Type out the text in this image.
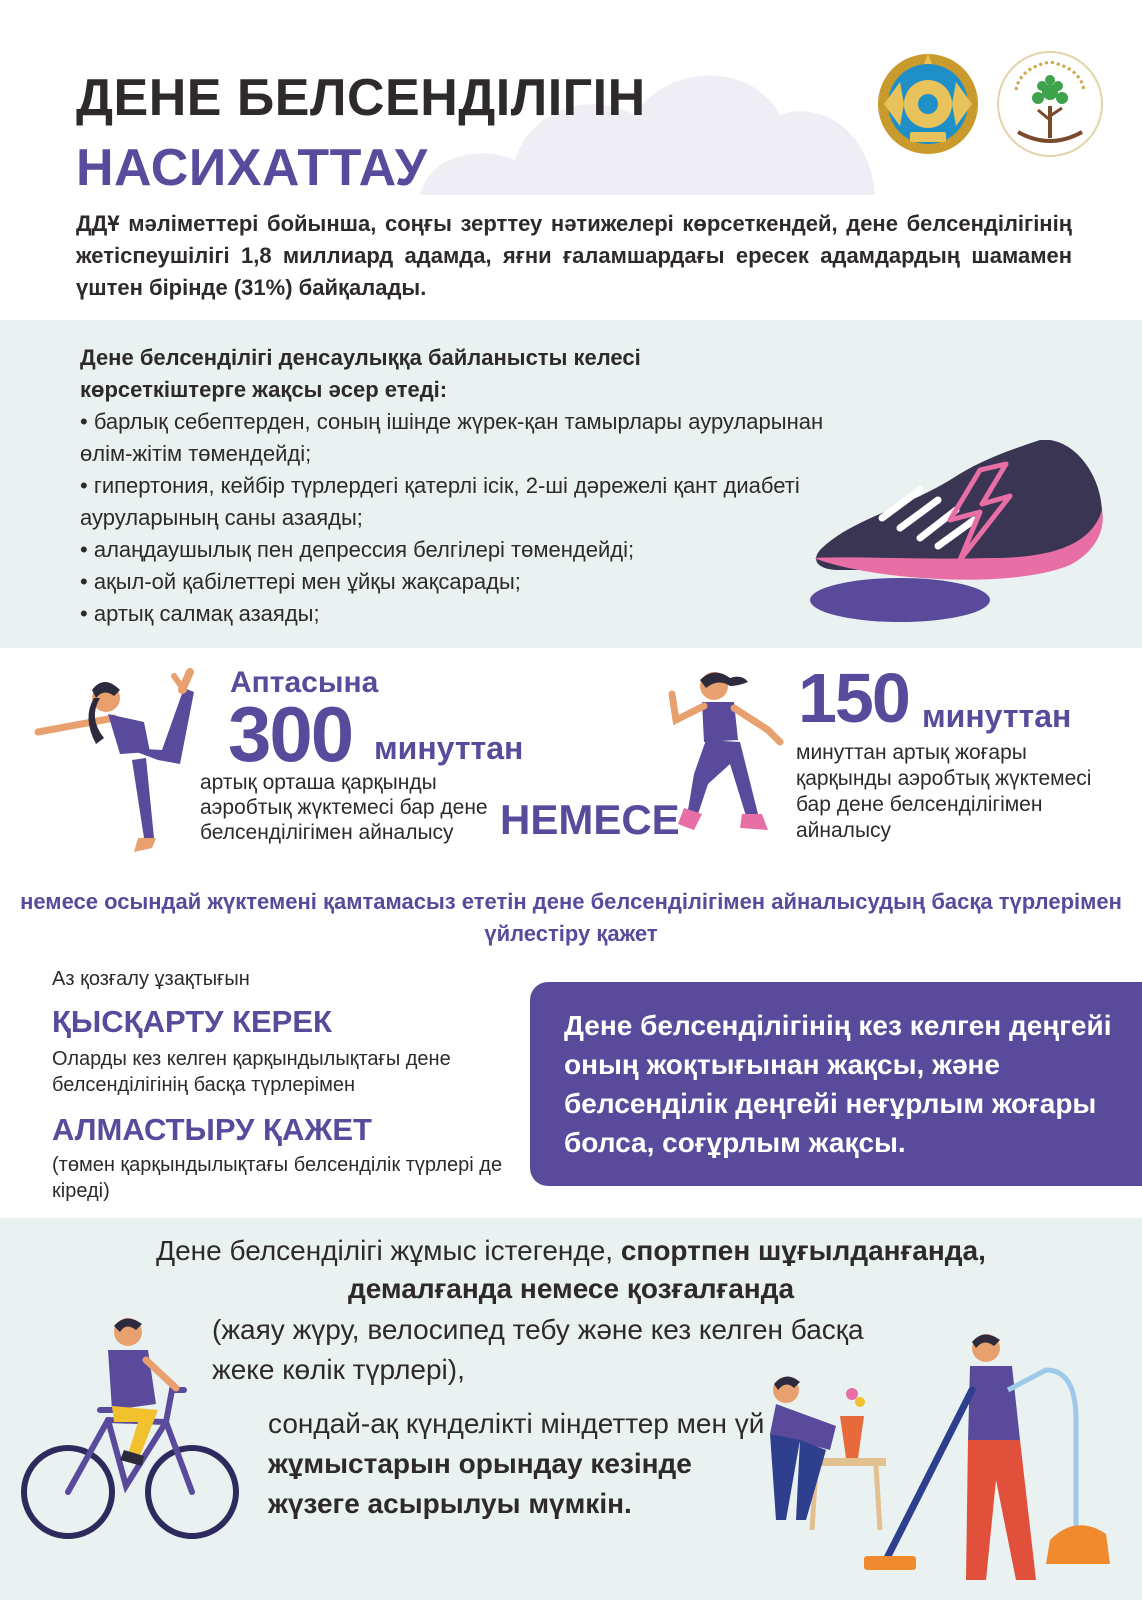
ДЕНЕ БЕЛСЕНДІЛІГІН
НАСИХАТТАУ

ДДҰ мәліметтері бойынша, соңғы зерттеу нәтижелері көрсеткендей, дене белсенділігінің жетіспеушілігі 1,8 миллиард адамда, яғни ғаламшардағы ересек адамдардың шамамен үштен бірінде (31%) байқалады.

Дене белсенділігі денсаулыққа байланысты келесі көрсеткіштерге жақсы әсер етеді:
• барлық себептерден, соның ішінде жүрек-қан тамырлары ауруларынан өлім-жітім төмендейді;
• гипертония, кейбір түрлердегі қатерлі ісік, 2-ші дәрежелі қант диабеті ауруларының саны азаяды;
• алаңдаушылық пен депрессия белгілері төмендейді;
• ақыл-ой қабілеттері мен ұйқы жақсарады;
• артық салмақ азаяды;
Аптасына
300 минуттан
артық орташа қарқынды аэробтық жүктемесі бар дене белсенділігімен айналысу	НЕМЕСЕ
150 минуттан
минуттан артық жоғары қарқынды аэробтық жүктемесі бар дене белсенділігімен айналысу
немесе осындай жүктемені қамтамасыз ететін дене белсенділігімен айналысудың басқа түрлерімен үйлестіру қажет
Аз қозғалу ұзақтығын
ҚЫСҚАРТУ КЕРЕК
Оларды кез келген қарқындылықтағы дене белсенділігінің басқа түрлерімен
АЛМАСТЫРУ ҚАЖЕТ
(төмен қарқындылықтағы белсенділік түрлері де кіреді)
Дене белсенділігінің кез келген деңгейі оның жоқтығынан жақсы, және белсенділік деңгейі неғұрлым жоғары болса, соғұрлым жақсы.
Дене белсенділігі жұмыс істегенде, спортпен шұғылданғанда,
демалғанда немесе қозғалғанда
(жаяу жүру, велосипед тебу және кез келген басқа жеке көлік түрлері),
сондай-ақ күнделікті міндеттер мен үй жұмыстарын орындау кезінде жүзеге асырылуы мүмкін.
